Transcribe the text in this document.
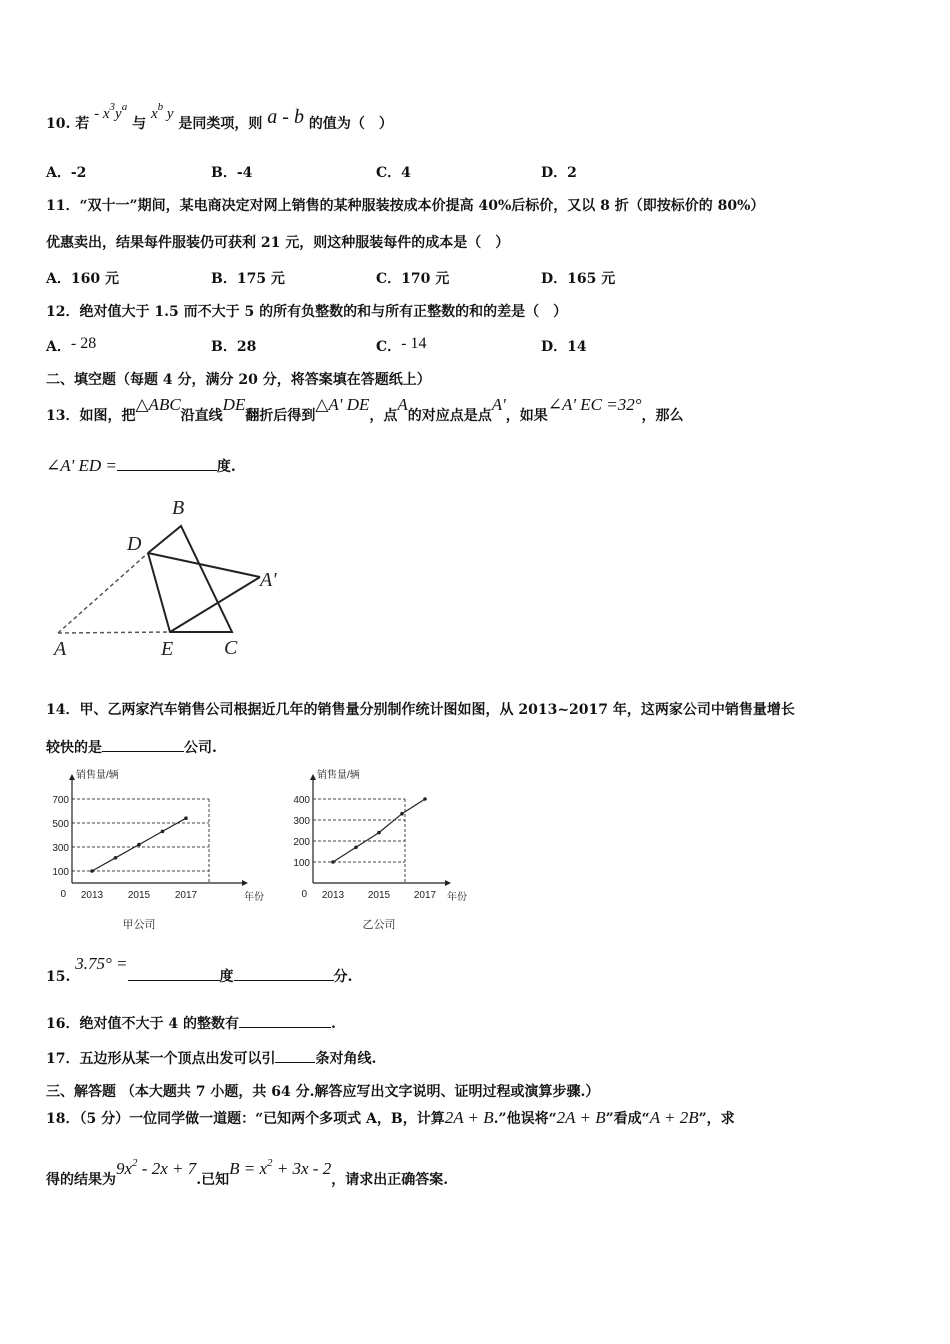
10. 若 - $x^3y^a$ 与 $x^b$ y 是同类项，则 a - b 的值为（　）
A．-2	B．-4	C．4	D．2
11．“双十一”期间，某电商决定对网上销售的某种服装按成本价提高 40%后标价，又以 8 折（即按标价的 80%）
优惠卖出，结果每件服装仍可获利 21 元，则这种服装每件的成本是（　）
A．160 元	B．175 元	C．170 元	D．165 元
12．绝对值大于 1.5 而不大于 5 的所有负整数的和与所有正整数的和的差是（　）
A．- 28	B．28	C．- 14	D．14
二、填空题（每题 4 分，满分 20 分，将答案填在答题纸上）
13．如图，把△ABC沿直线DE翻折后得到△A' DE，点A的对应点是点A'，如果∠A' EC =32°，那么
∠A' ED =	度.
B
D
A'
A	E	C
14．甲、乙两家汽车销售公司根据近几年的销售量分别制作统计图如图，从 2013~2017 年，这两家公司中销售量增长
较快的是	公司.
100
300
500
700
0
销售量/辆
年份
2013 2015 2017
甲公司
100
200
300
400
0
销售量/辆
年份
2013 2015 2017
乙公司
15. 3.75° =度	分.
16．绝对值不大于 4 的整数有	.
17．五边形从某一个顶点出发可以引	条对角线.
三、解答题 （本大题共 7 小题，共 64 分.解答应写出文字说明、证明过程或演算步骤.）
18．（5 分）一位同学做一道题：“已知两个多项式 A，B，计算2A + B.”他误将“2A + B”看成“A + 2B”，求
得的结果为$9x^2 - 2x + 7$.已知$B = x^2 + 3x - 2$，请求出正确答案.
